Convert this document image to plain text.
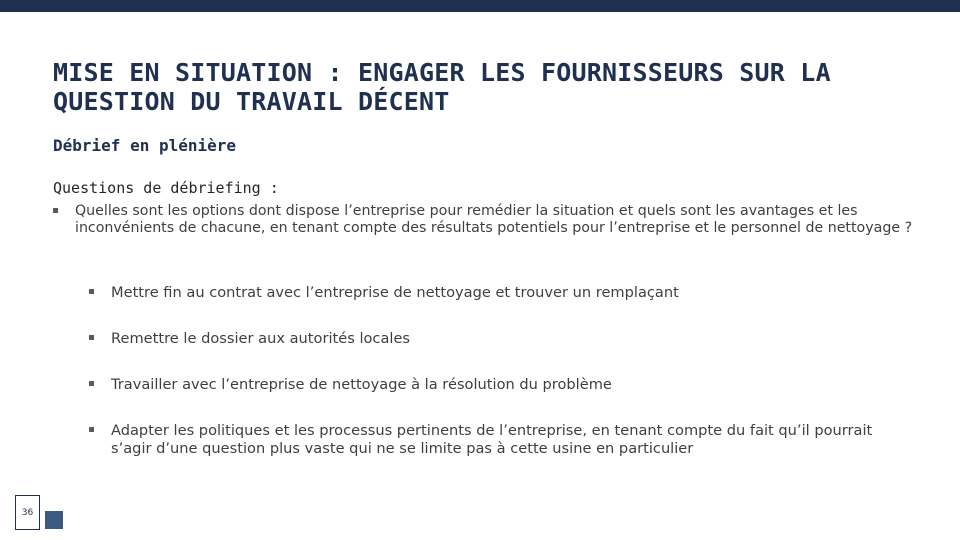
MISE EN SITUATION : ENGAGER LES FOURNISSEURS SUR LA QUESTION DU TRAVAIL DÉCENT
Débrief en plénière
Questions de débriefing :
Quelles sont les options dont dispose l’entreprise pour remédier la situation et quels sont les avantages et les inconvénients de chacune, en tenant compte des résultats potentiels pour l’entreprise et le personnel de nettoyage ?
Mettre fin au contrat avec l’entreprise de nettoyage et trouver un remplaçant
Remettre le dossier aux autorités locales
Travailler avec l’entreprise de nettoyage à la résolution du problème
Adapter les politiques et les processus pertinents de l’entreprise, en tenant compte du fait qu’il pourrait s’agir d’une question plus vaste qui ne se limite pas à cette usine en particulier
36
